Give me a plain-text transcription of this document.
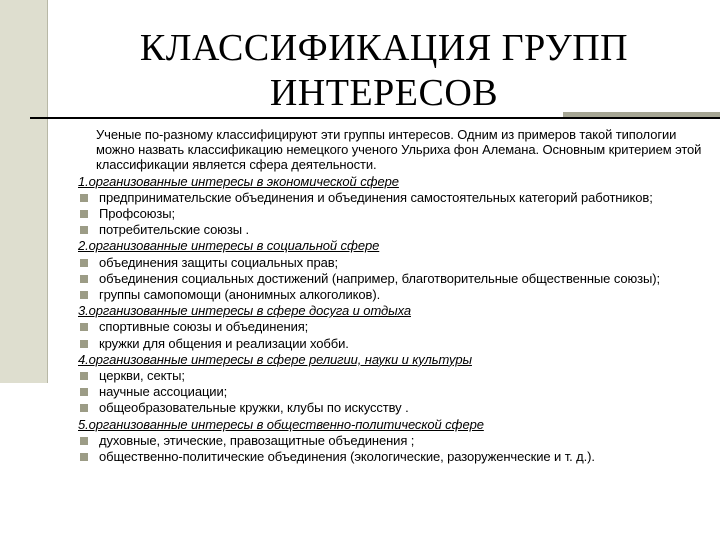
КЛАССИФИКАЦИЯ ГРУПП
ИНТЕРЕСОВ
Ученые по-разному классифицируют эти группы интересов. Одним из примеров такой типологии можно назвать классификацию немецкого ученого Ульриха фон Алемана. Основным критерием этой классификации является сфера деятельности.
1.организованные интересы в экономической сфере
предпринимательские объединения и объединения самостоятельных категорий работников;
Профсоюзы;
потребительские союзы .
2.организованные интересы в социальной сфере
объединения защиты социальных прав;
объединения социальных достижений (например, благотворительные общественные союзы);
группы самопомощи (анонимных алкоголиков).
3.организованные интересы в сфере досуга и отдыха
спортивные союзы и объединения;
кружки для общения и реализации хобби.
4.организованные интересы в сфере религии, науки и культуры
церкви, секты;
научные ассоциации;
общеобразовательные кружки, клубы по искусству .
5.организованные интересы в общественно-политической сфере
духовные, этические, правозащитные объединения ;
общественно-политические объединения (экологические, разоруженческие и т. д.).
